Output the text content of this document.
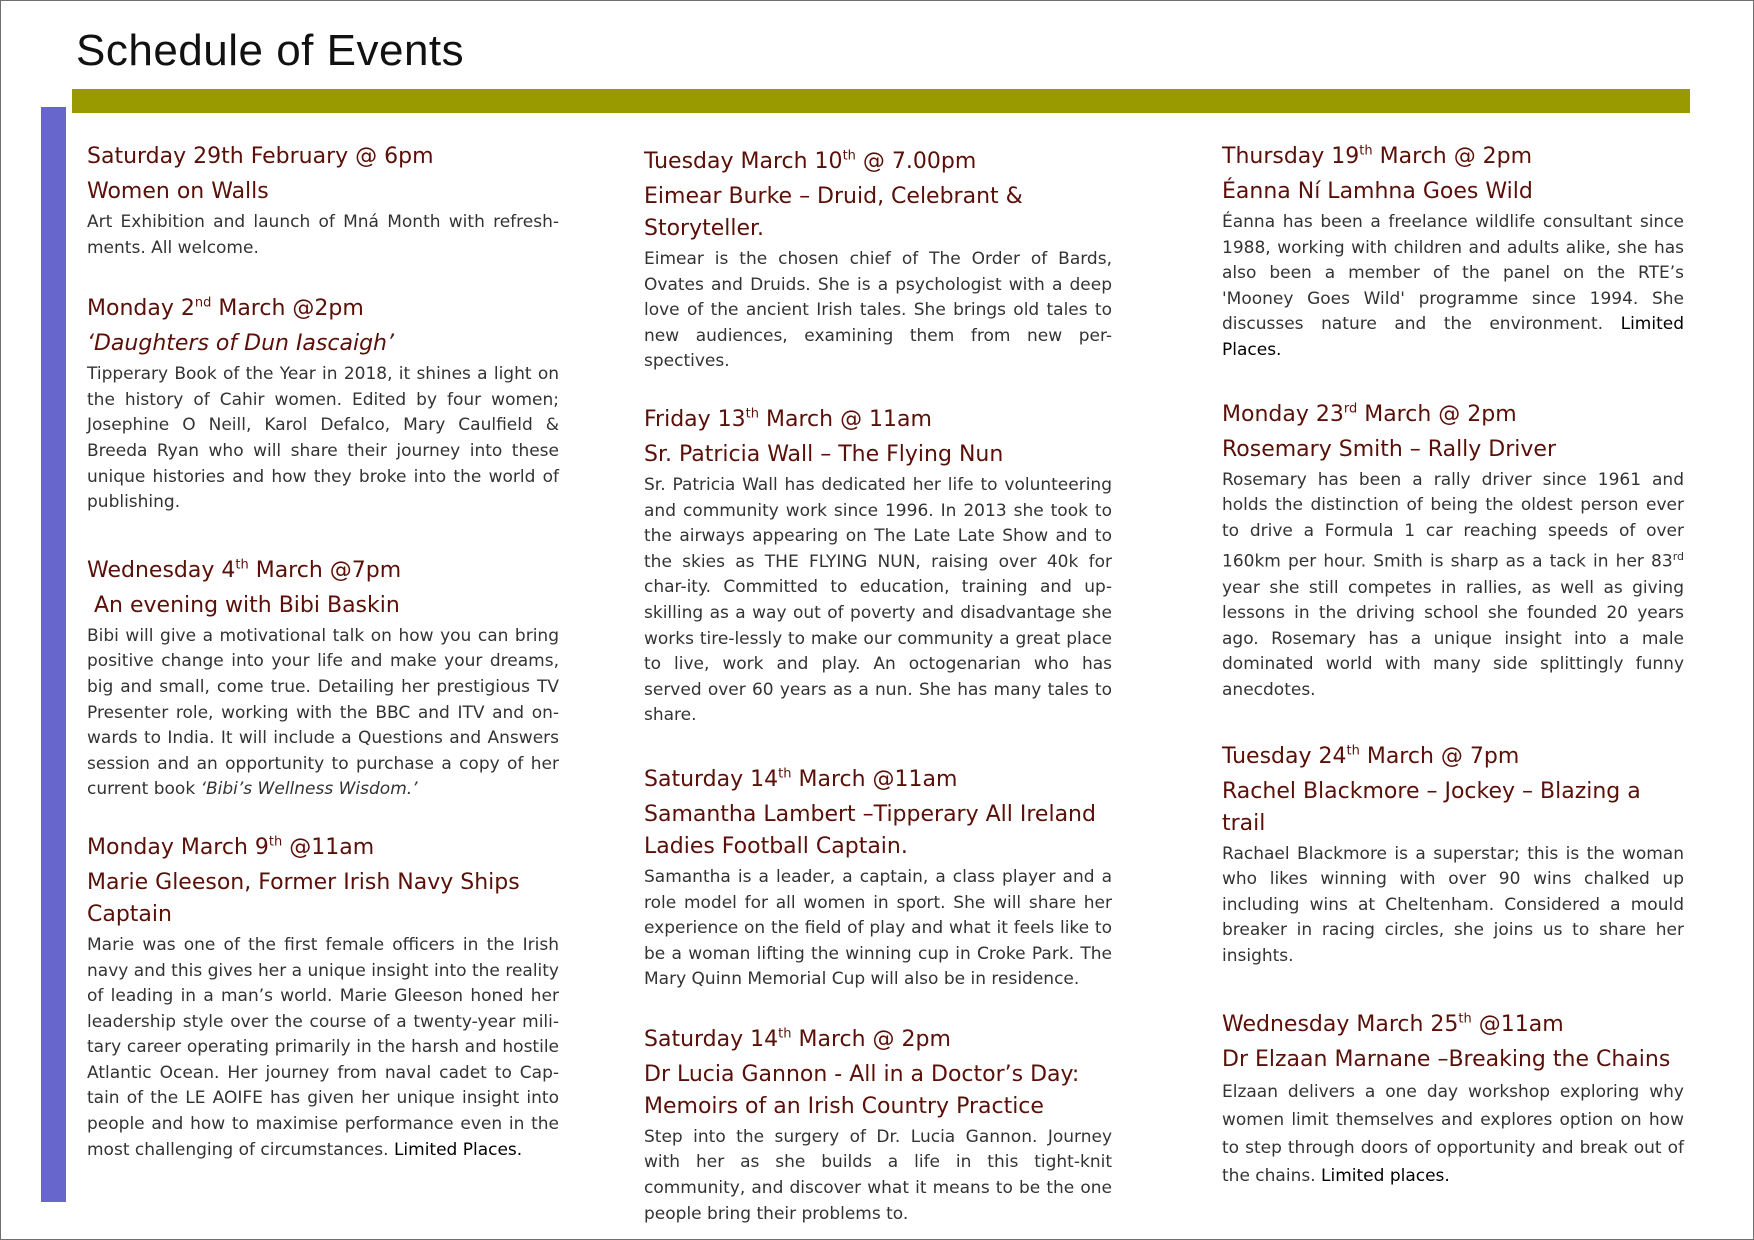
Schedule of Events

Saturday 29th February @ 6pm

Women on Walls

Art Exhibition and launch of Mná Month with refresh-ments. All welcome.

Monday 2nd March @2pm

‘Daughters of Dun Iascaigh’

Tipperary Book of the Year in 2018, it shines a light on the history of Cahir women. Edited by four women; Josephine O Neill, Karol Defalco, Mary Caulfield & Breeda Ryan who will share their journey into these unique histories and how they broke into the world of publishing.

Wednesday 4th March @7pm

An evening with Bibi Baskin

Bibi will give a motivational talk on how you can bring positive change into your life and make your dreams, big and small, come true. Detailing her prestigious TV Presenter role, working with the BBC and ITV and on-wards to India. It will include a Questions and Answers session and an opportunity to purchase a copy of her current book ‘Bibi’s Wellness Wisdom.’

Monday March 9th @11am

Marie Gleeson, Former Irish Navy Ships Captain

Marie was one of the first female officers in the Irish navy and this gives her a unique insight into the reality of leading in a man’s world. Marie Gleeson honed her leadership style over the course of a twenty-year mili-tary career operating primarily in the harsh and hostile Atlantic Ocean. Her journey from naval cadet to Cap-tain of the LE AOIFE has given her unique insight into people and how to maximise performance even in the most challenging of circumstances. Limited Places.

Tuesday March 10th @ 7.00pm

Eimear Burke – Druid, Celebrant & Storyteller.

Eimear is the chosen chief of The Order of Bards, Ovates and Druids. She is a psychologist with a deep love of the ancient Irish tales. She brings old tales to new audiences, examining them from new per-spectives.

Friday 13th March @ 11am

Sr. Patricia Wall – The Flying Nun

Sr. Patricia Wall has dedicated her life to volunteering and community work since 1996. In 2013 she took to the airways appearing on The Late Late Show and to the skies as THE FLYING NUN, raising over 40k for char-ity. Committed to education, training and up-skilling as a way out of poverty and disadvantage she works tire-lessly to make our community a great place to live, work and play. An octogenarian who has served over 60 years as a nun. She has many tales to share.

Saturday 14th March @11am

Samantha Lambert –Tipperary All Ireland Ladies Football Captain.

Samantha is a leader, a captain, a class player and a role model for all women in sport. She will share her experience on the field of play and what it feels like to be a woman lifting the winning cup in Croke Park. The Mary Quinn Memorial Cup will also be in residence.

Saturday 14th March @ 2pm

Dr Lucia Gannon - All in a Doctor’s Day: Memoirs of an Irish Country Practice

Step into the surgery of Dr. Lucia Gannon. Journey with her as she builds a life in this tight-knit community, and discover what it means to be the one people bring their problems to.

Thursday 19th March @ 2pm

Éanna Ní Lamhna Goes Wild

Éanna has been a freelance wildlife consultant since 1988, working with children and adults alike, she has also been a member of the panel on the RTE’s 'Mooney Goes Wild' programme since 1994. She discusses nature and the environment. Limited Places.

Monday 23rd March @ 2pm

Rosemary Smith – Rally Driver

Rosemary has been a rally driver since 1961 and holds the distinction of being the oldest person ever to drive a Formula 1 car reaching speeds of over 160km per hour. Smith is sharp as a tack in her 83rd year she still competes in rallies, as well as giving lessons in the driving school she founded 20 years ago. Rosemary has a unique insight into a male dominated world with many side splittingly funny anecdotes.

Tuesday 24th March @ 7pm

Rachel Blackmore – Jockey – Blazing a trail

Rachael Blackmore is a superstar; this is the woman who likes winning with over 90 wins chalked up including wins at Cheltenham. Considered a mould breaker in racing circles, she joins us to share her insights.

Wednesday March 25th @11am

Dr Elzaan Marnane –Breaking the Chains

Elzaan delivers a one day workshop exploring why women limit themselves and explores option on how to step through doors of opportunity and break out of the chains. Limited places.
